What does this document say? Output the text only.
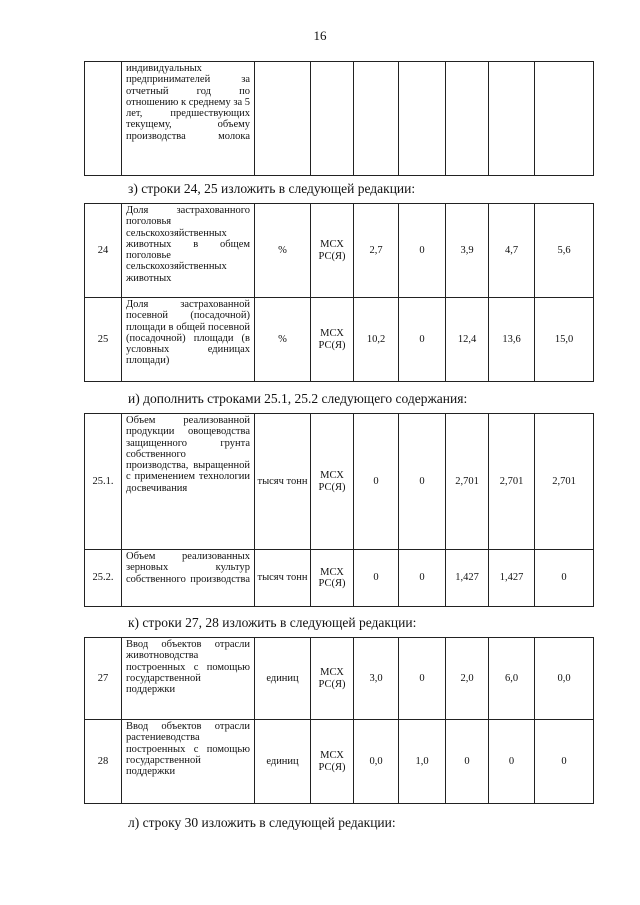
16
	индивидуальных предпринимателей за отчетный год по отношению к среднему за 5 лет, предшествующих текущему, объему производства молока							
з) строки 24, 25 изложить в следующей редакции:
24	Доля застрахованного поголовья сельскохозяйственных животных в общем поголовье сельскохозяйственных животных	%	МСХ РС(Я)	2,7	0	3,9	4,7	5,6
25	Доля застрахованной посевной (посадочной) площади в общей посевной (посадочной) площади (в условных единицах площади)	%	МСХ РС(Я)	10,2	0	12,4	13,6	15,0
и) дополнить строками 25.1, 25.2 следующего содержания:
25.1.	Объем реализованной продукции овощеводства защищенного грунта собственного производства, выращенной с применением технологии досвечивания	тысяч тонн	МСХ РС(Я)	0	0	2,701	2,701	2,701
25.2.	Объем реализованных зерновых культур собственного производства	тысяч тонн	МСХ РС(Я)	0	0	1,427	1,427	0
к) строки 27, 28 изложить в следующей редакции:
27	Ввод объектов отрасли животноводства построенных с помощью государственной поддержки	единиц	МСХ РС(Я)	3,0	0	2,0	6,0	0,0
28	Ввод объектов отрасли растениеводства построенных с помощью государственной поддержки	единиц	МСХ РС(Я)	0,0	1,0	0	0	0
л) строку 30 изложить в следующей редакции:
